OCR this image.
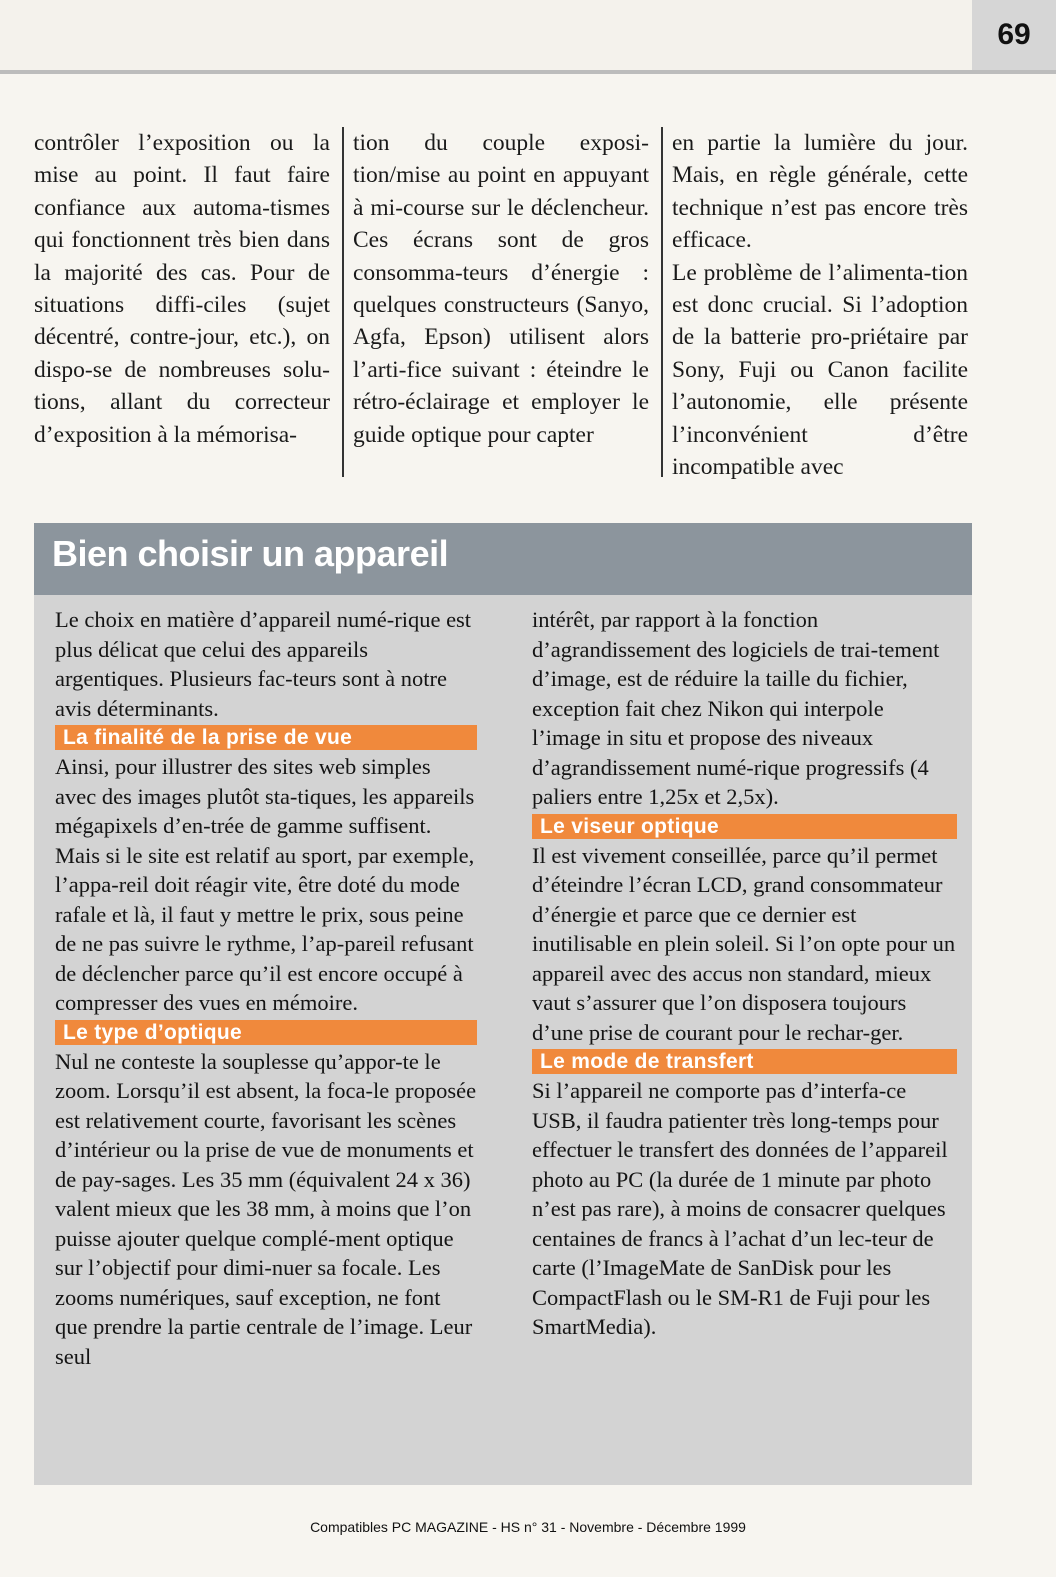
69
contrôler l’exposition ou la mise au point. Il faut faire confiance aux automa-tismes qui fonctionnent très bien dans la majorité des cas. Pour de situations diffi-ciles (sujet décentré, contre-jour, etc.), on dispo-se de nombreuses solu-tions, allant du correcteur d’exposition à la mémorisa-
tion du couple exposi-tion/mise au point en appuyant à mi-course sur le déclencheur. Ces écrans sont de gros consomma-teurs d’énergie : quelques constructeurs (Sanyo, Agfa, Epson) utilisent alors l’arti-fice suivant : éteindre le rétro-éclairage et employer le guide optique pour capter

en partie la lumière du jour. Mais, en règle générale, cette technique n’est pas encore très efficace.

Le problème de l’alimenta-tion est donc crucial. Si l’adoption de la batterie pro-priétaire par Sony, Fuji ou Canon facilite l’autonomie, elle présente l’inconvénient d’être incompatible avec

Bien choisir un appareil

Le choix en matière d’appareil numé-rique est plus délicat que celui des appareils argentiques. Plusieurs fac-teurs sont à notre avis déterminants.

La finalité de la prise de vue

Ainsi, pour illustrer des sites web simples avec des images plutôt sta-tiques, les appareils mégapixels d’en-trée de gamme suffisent. Mais si le site est relatif au sport, par exemple, l’appa-reil doit réagir vite, être doté du mode rafale et là, il faut y mettre le prix, sous peine de ne pas suivre le rythme, l’ap-pareil refusant de déclencher parce qu’il est encore occupé à compresser des vues en mémoire.

Le type d’optique

Nul ne conteste la souplesse qu’appor-te le zoom. Lorsqu’il est absent, la foca-le proposée est relativement courte, favorisant les scènes d’intérieur ou la prise de vue de monuments et de pay-sages. Les 35 mm (équivalent 24 x 36) valent mieux que les 38 mm, à moins que l’on puisse ajouter quelque complé-ment optique sur l’objectif pour dimi-nuer sa focale. Les zooms numériques, sauf exception, ne font que prendre la partie centrale de l’image. Leur seul

intérêt, par rapport à la fonction d’agrandissement des logiciels de trai-tement d’image, est de réduire la taille du fichier, exception fait chez Nikon qui interpole l’image in situ et propose des niveaux d’agrandissement numé-rique progressifs (4 paliers entre 1,25x et 2,5x).

Le viseur optique

Il est vivement conseillée, parce qu’il permet d’éteindre l’écran LCD, grand consommateur d’énergie et parce que ce dernier est inutilisable en plein soleil. Si l’on opte pour un appareil avec des accus non standard, mieux vaut s’assurer que l’on disposera toujours d’une prise de courant pour le rechar-ger.

Le mode de transfert

Si l’appareil ne comporte pas d’interfa-ce USB, il faudra patienter très long-temps pour effectuer le transfert des données de l’appareil photo au PC (la durée de 1 minute par photo n’est pas rare), à moins de consacrer quelques centaines de francs à l’achat d’un lec-teur de carte (l’ImageMate de SanDisk pour les CompactFlash ou le SM-R1 de Fuji pour les SmartMedia).

Compatibles PC MAGAZINE - HS n° 31 - Novembre - Décembre 1999
